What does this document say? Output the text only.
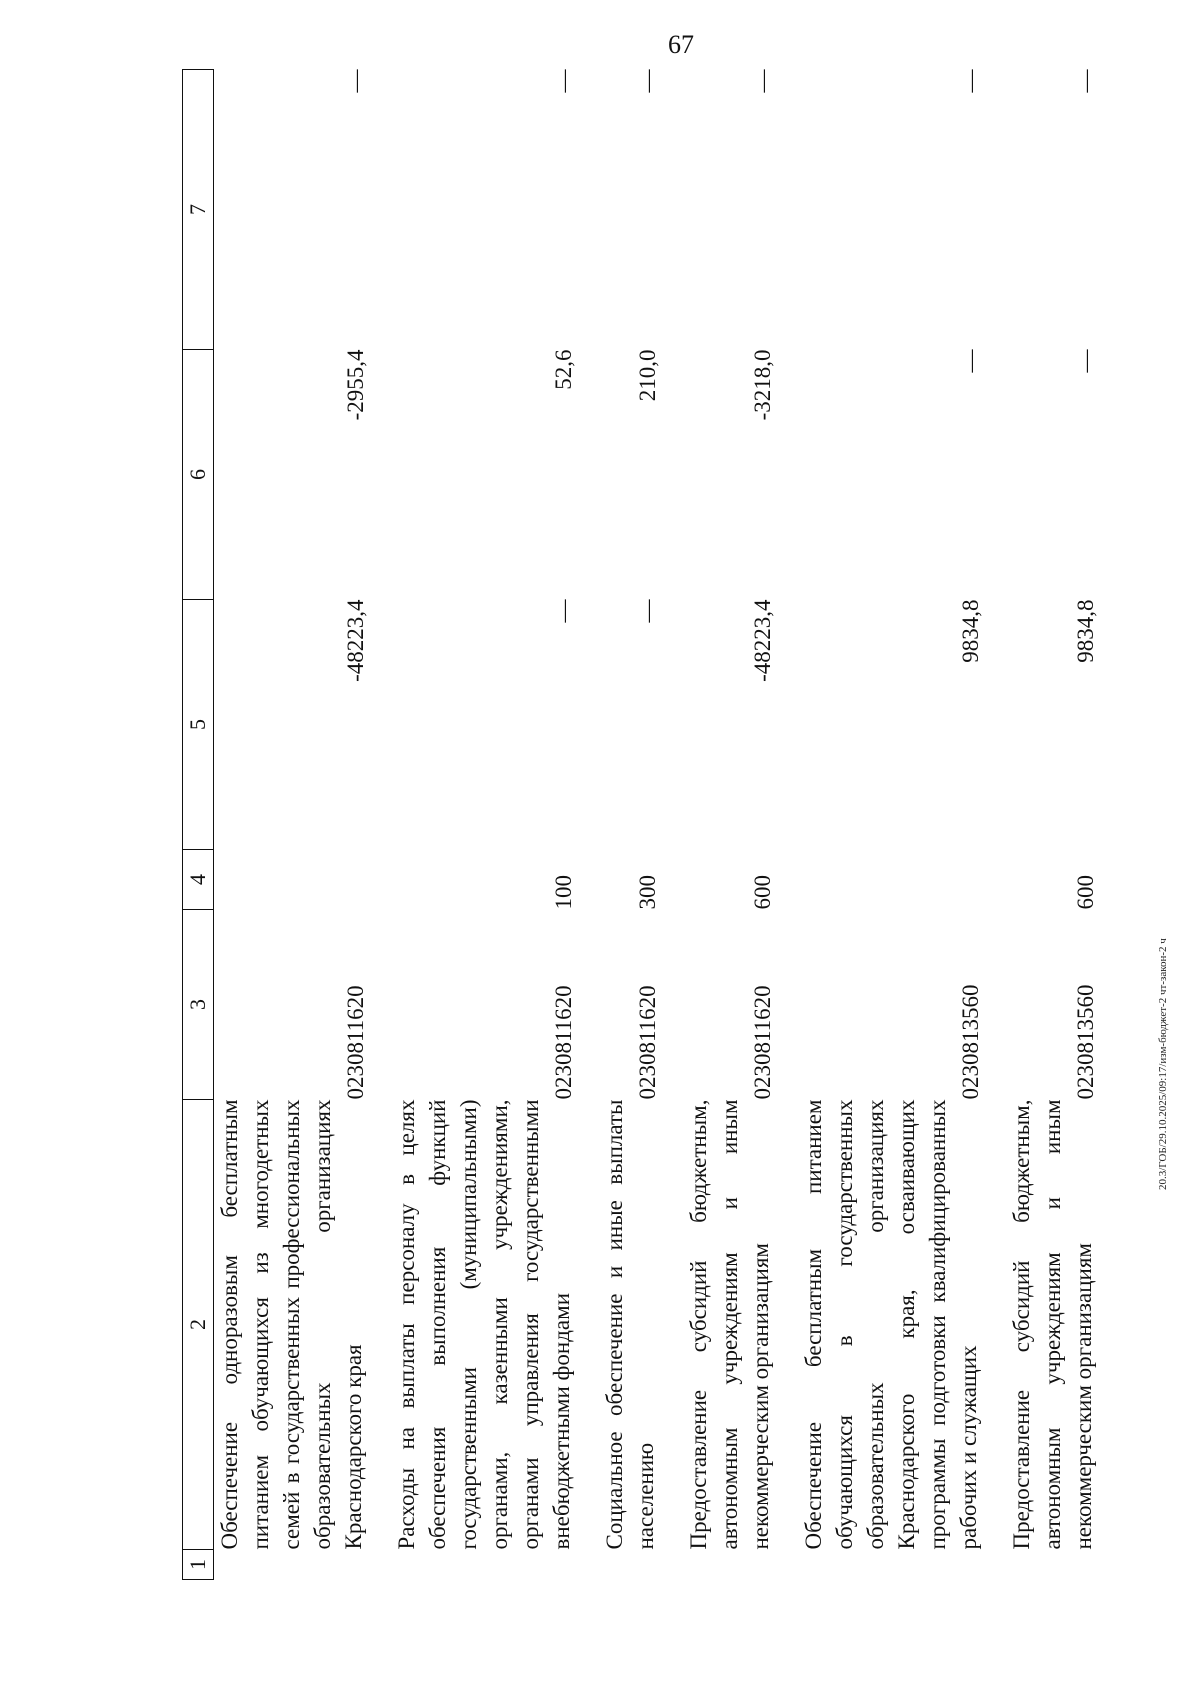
67
20.3/ГОБ/29.10.2025/09:17/изм-бюджет-2 чт-закон-2 ч
1	2	3	4	5	6	7
	Обеспечение одноразовым бесплатным питанием обучающихся из многодетных семей в государственных профессиональных образовательных организациях Краснодарского края	0230811620		-48223,4	-2955,4	—

	Расходы на выплаты персоналу в целях обеспечения выполнения функций государственными (муниципальными) органами, казенными учреждениями, органами управления государственными внебюджетными фондами	0230811620	100	—	52,6	—

	Социальное обеспечение и иные выплаты населению	0230811620	300	—	210,0	—

	Предоставление субсидий бюджетным, автономным учреждениям и иным некоммерческим организациям	0230811620	600	-48223,4	-3218,0	—

	Обеспечение бесплатным питанием обучающихся в государственных образовательных организациях Краснодарского края, осваивающих программы подготовки квалифицированных рабочих и служащих	0230813560		9834,8	—	—

	Предоставление субсидий бюджетным, автономным учреждениям и иным некоммерческим организациям	0230813560	600	9834,8	—	—
